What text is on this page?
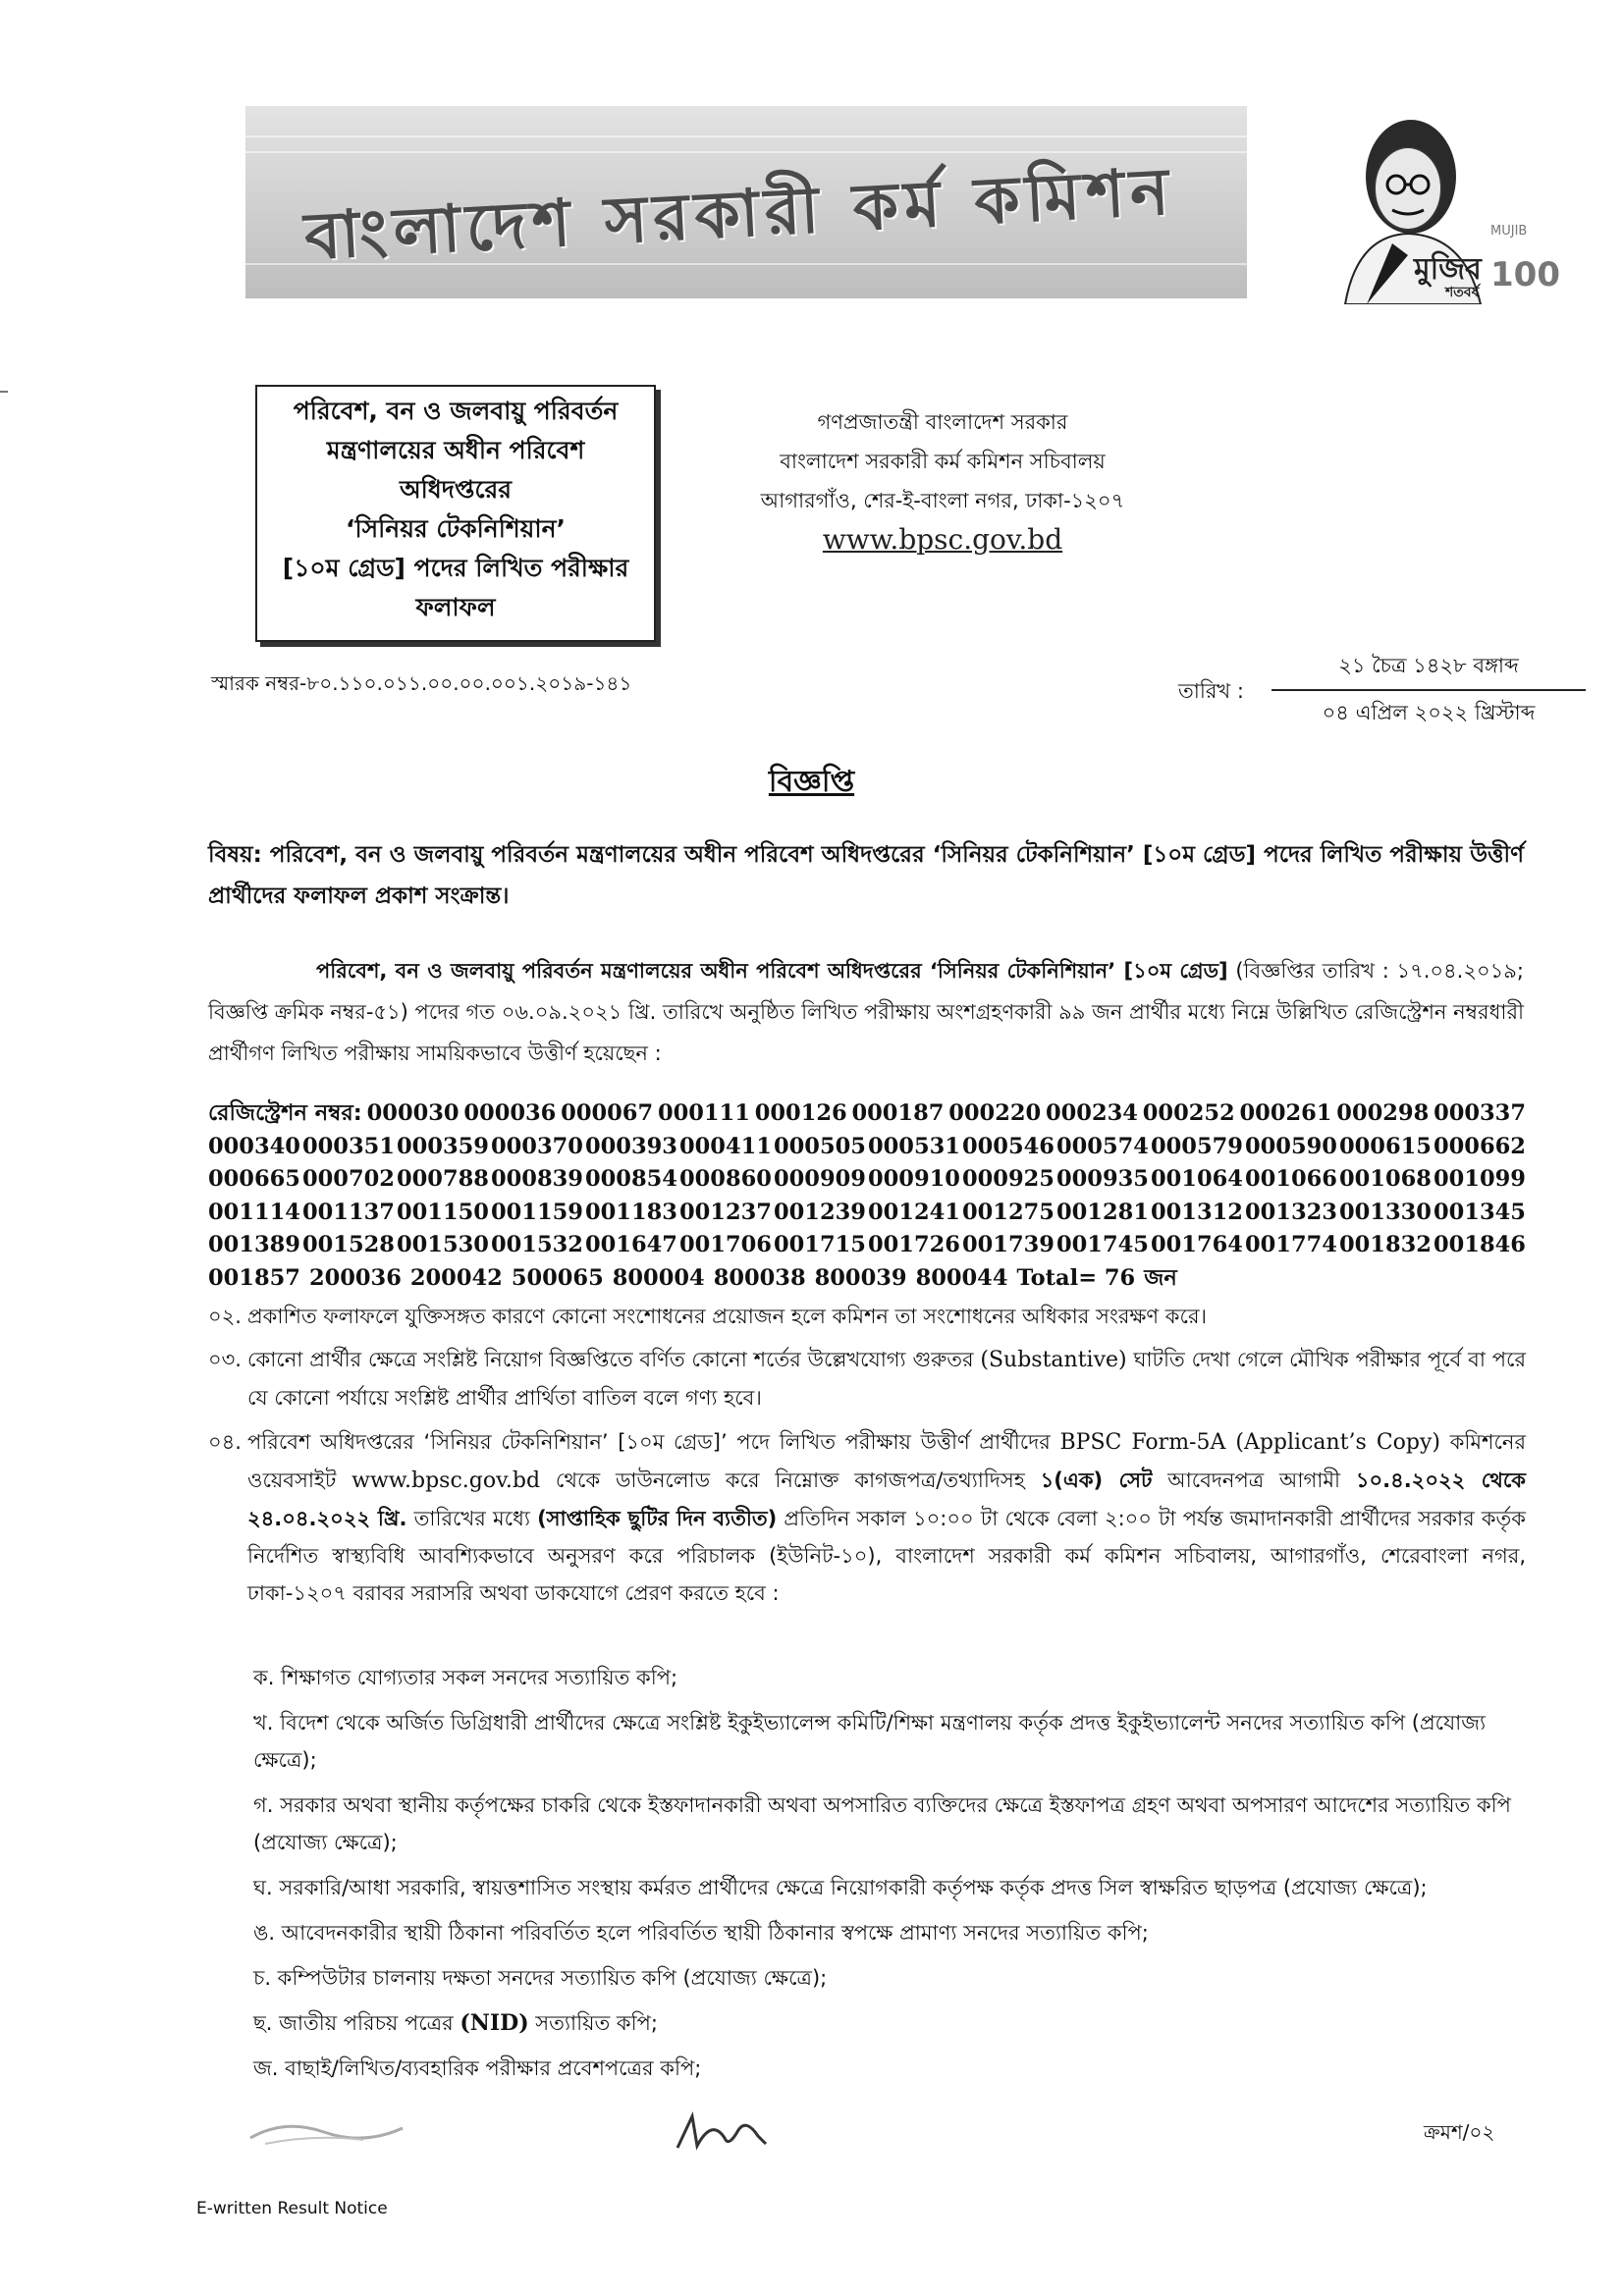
বাংলাদেশ সরকারী কর্ম কমিশন	মুজিব
MUJIB
100
শতবর্ষ
পরিবেশ, বন ও জলবায়ু পরিবর্তন
মন্ত্রণালয়ের অধীন পরিবেশ
অধিদপ্তরের
‘সিনিয়র টেকনিশিয়ান’
[১০ম গ্রেড] পদের লিখিত পরীক্ষার
ফলাফল
গণপ্রজাতন্ত্রী বাংলাদেশ সরকার
বাংলাদেশ সরকারী কর্ম কমিশন সচিবালয়
আগারগাঁও, শের-ই-বাংলা নগর, ঢাকা-১২০৭
www.bpsc.gov.bd
স্মারক নম্বর-৮০.১১০.০১১.০০.০০.০০১.২০১৯-১৪১	তারিখ :
২১ চৈত্র ১৪২৮ বঙ্গাব্দ
০৪ এপ্রিল ২০২২ খ্রিস্টাব্দ
বিজ্ঞপ্তি
বিষয়: পরিবেশ, বন ও জলবায়ু পরিবর্তন মন্ত্রণালয়ের অধীন পরিবেশ অধিদপ্তরের ‘সিনিয়র টেকনিশিয়ান’ [১০ম গ্রেড] পদের লিখিত পরীক্ষায় উত্তীর্ণ প্রার্থীদের ফলাফল প্রকাশ সংক্রান্ত।
পরিবেশ, বন ও জলবায়ু পরিবর্তন মন্ত্রণালয়ের অধীন পরিবেশ অধিদপ্তরের ‘সিনিয়র টেকনিশিয়ান’ [১০ম গ্রেড] (বিজ্ঞপ্তির তারিখ : ১৭.০৪.২০১৯; বিজ্ঞপ্তি ক্রমিক নম্বর-৫১) পদের গত ০৬.০৯.২০২১ খ্রি. তারিখে অনুষ্ঠিত লিখিত পরীক্ষায় অংশগ্রহণকারী ৯৯ জন প্রার্থীর মধ্যে নিম্নে উল্লিখিত রেজিস্ট্রেশন নম্বরধারী প্রার্থীগণ লিখিত পরীক্ষায় সাময়িকভাবে উত্তীর্ণ হয়েছেন :
রেজিস্ট্রেশন নম্বর: 000030 000036 000067 000111 000126 000187 000220 000234 000252 000261 000298 000337
000340 000351 000359 000370 000393 000411 000505 000531 000546 000574 000579 000590 000615 000662
000665 000702 000788 000839 000854 000860 000909 000910 000925 000935 001064 001066 001068 001099
001114 001137 001150 001159 001183 001237 001239 001241 001275 001281 001312 001323 001330 001345
001389 001528 001530 001532 001647 001706 001715 001726 001739 001745 001764 001774 001832 001846
001857 200036 200042 500065 800004 800038 800039 800044 Total= 76 জন
০২. প্রকাশিত ফলাফলে যুক্তিসঙ্গত কারণে কোনো সংশোধনের প্রয়োজন হলে কমিশন তা সংশোধনের অধিকার সংরক্ষণ করে।
০৩. কোনো প্রার্থীর ক্ষেত্রে সংশ্লিষ্ট নিয়োগ বিজ্ঞপ্তিতে বর্ণিত কোনো শর্তের উল্লেখযোগ্য গুরুতর (Substantive) ঘাটতি দেখা গেলে মৌখিক পরীক্ষার পূর্বে বা পরে যে কোনো পর্যায়ে সংশ্লিষ্ট প্রার্থীর প্রার্থিতা বাতিল বলে গণ্য হবে।
০৪. পরিবেশ অধিদপ্তরের ‘সিনিয়র টেকনিশিয়ান’ [১০ম গ্রেড]’ পদে লিখিত পরীক্ষায় উত্তীর্ণ প্রার্থীদের BPSC Form-5A (Applicant’s Copy) কমিশনের ওয়েবসাইট www.bpsc.gov.bd থেকে ডাউনলোড করে নিম্নোক্ত কাগজপত্র/তথ্যাদিসহ ১(এক) সেট আবেদনপত্র আগামী ১০.৪.২০২২ থেকে ২৪.০৪.২০২২ খ্রি. তারিখের মধ্যে (সাপ্তাহিক ছুটির দিন ব্যতীত) প্রতিদিন সকাল ১০:০০ টা থেকে বেলা ২:০০ টা পর্যন্ত জমাদানকারী প্রার্থীদের সরকার কর্তৃক নির্দেশিত স্বাস্থ্যবিধি আবশ্যিকভাবে অনুসরণ করে পরিচালক (ইউনিট-১০), বাংলাদেশ সরকারী কর্ম কমিশন সচিবালয়, আগারগাঁও, শেরেবাংলা নগর, ঢাকা-১২০৭ বরাবর সরাসরি অথবা ডাকযোগে প্রেরণ করতে হবে :
ক. শিক্ষাগত যোগ্যতার সকল সনদের সত্যায়িত কপি;
খ. বিদেশ থেকে অর্জিত ডিগ্রিধারী প্রার্থীদের ক্ষেত্রে সংশ্লিষ্ট ইকুইভ্যালেন্স কমিটি/শিক্ষা মন্ত্রণালয় কর্তৃক প্রদত্ত ইকুইভ্যালেন্ট সনদের সত্যায়িত কপি (প্রযোজ্য ক্ষেত্রে);
গ. সরকার অথবা স্থানীয় কর্তৃপক্ষের চাকরি থেকে ইস্তফাদানকারী অথবা অপসারিত ব্যক্তিদের ক্ষেত্রে ইস্তফাপত্র গ্রহণ অথবা অপসারণ আদেশের সত্যায়িত কপি (প্রযোজ্য ক্ষেত্রে);
ঘ. সরকারি/আধা সরকারি, স্বায়ত্তশাসিত সংস্থায় কর্মরত প্রার্থীদের ক্ষেত্রে নিয়োগকারী কর্তৃপক্ষ কর্তৃক প্রদত্ত সিল স্বাক্ষরিত ছাড়পত্র (প্রযোজ্য ক্ষেত্রে);
ঙ. আবেদনকারীর স্থায়ী ঠিকানা পরিবর্তিত হলে পরিবর্তিত স্থায়ী ঠিকানার স্বপক্ষে প্রামাণ্য সনদের সত্যায়িত কপি;
চ. কম্পিউটার চালনায় দক্ষতা সনদের সত্যায়িত কপি (প্রযোজ্য ক্ষেত্রে);
ছ. জাতীয় পরিচয় পত্রের (NID) সত্যায়িত কপি;
জ. বাছাই/লিখিত/ব্যবহারিক পরীক্ষার প্রবেশপত্রের কপি;
ক্রমশ/০২
E-written Result Notice
